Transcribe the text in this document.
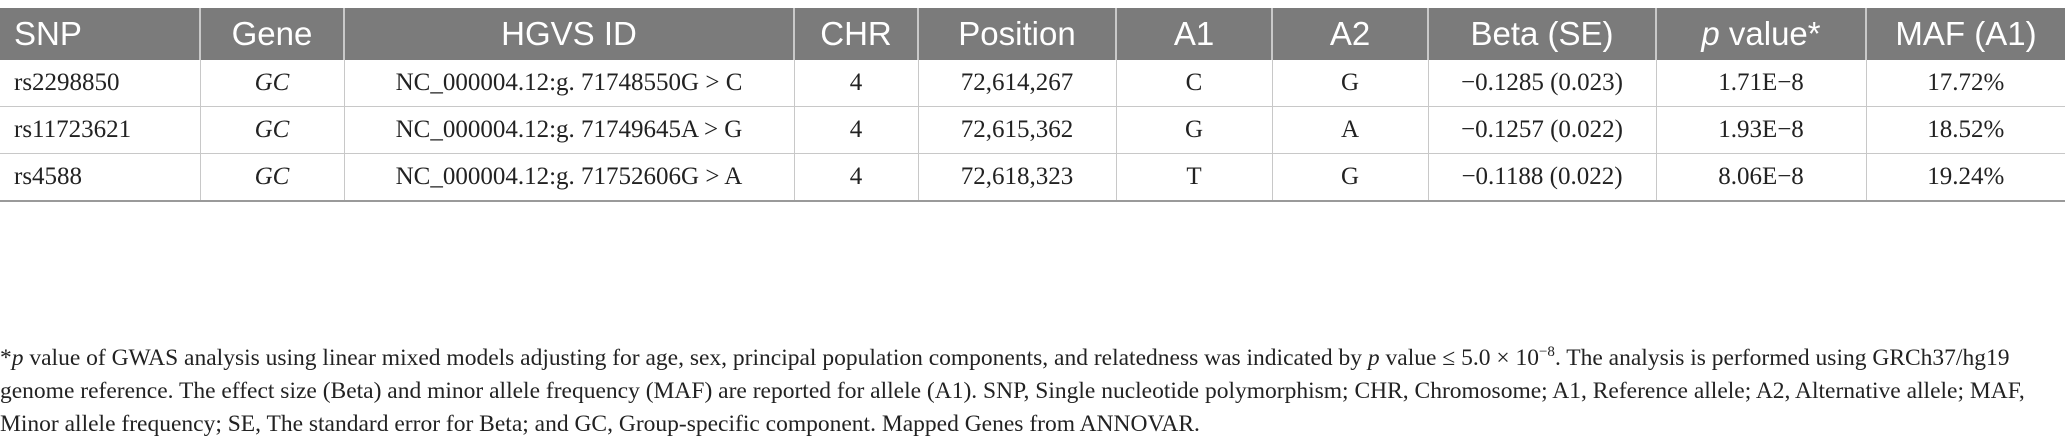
SNP	Gene	HGVS ID	CHR	Position	A1	A2	Beta (SE)	p value*	MAF (A1)
rs2298850	GC	NC_000004.12:g. 71748550G > C	4	72,614,267	C	G	−0.1285 (0.023)	1.71E−8	17.72%
rs11723621	GC	NC_000004.12:g. 71749645A > G	4	72,615,362	G	A	−0.1257 (0.022)	1.93E−8	18.52%
rs4588	GC	NC_000004.12:g. 71752606G > A	4	72,618,323	T	G	−0.1188 (0.022)	8.06E−8	19.24%

*p value of GWAS analysis using linear mixed models adjusting for age, sex, principal population components, and relatedness was indicated by p value ≤ $5.0 \times 10^{-8}$. The analysis is performed using GRCh37/hg19 genome reference. The effect size (Beta) and minor allele frequency (MAF) are reported for allele (A1). SNP, Single nucleotide polymorphism; CHR, Chromosome; A1, Reference allele; A2, Alternative allele; MAF, Minor allele frequency; SE, The standard error for Beta; and GC, Group-specific component. Mapped Genes from ANNOVAR.
